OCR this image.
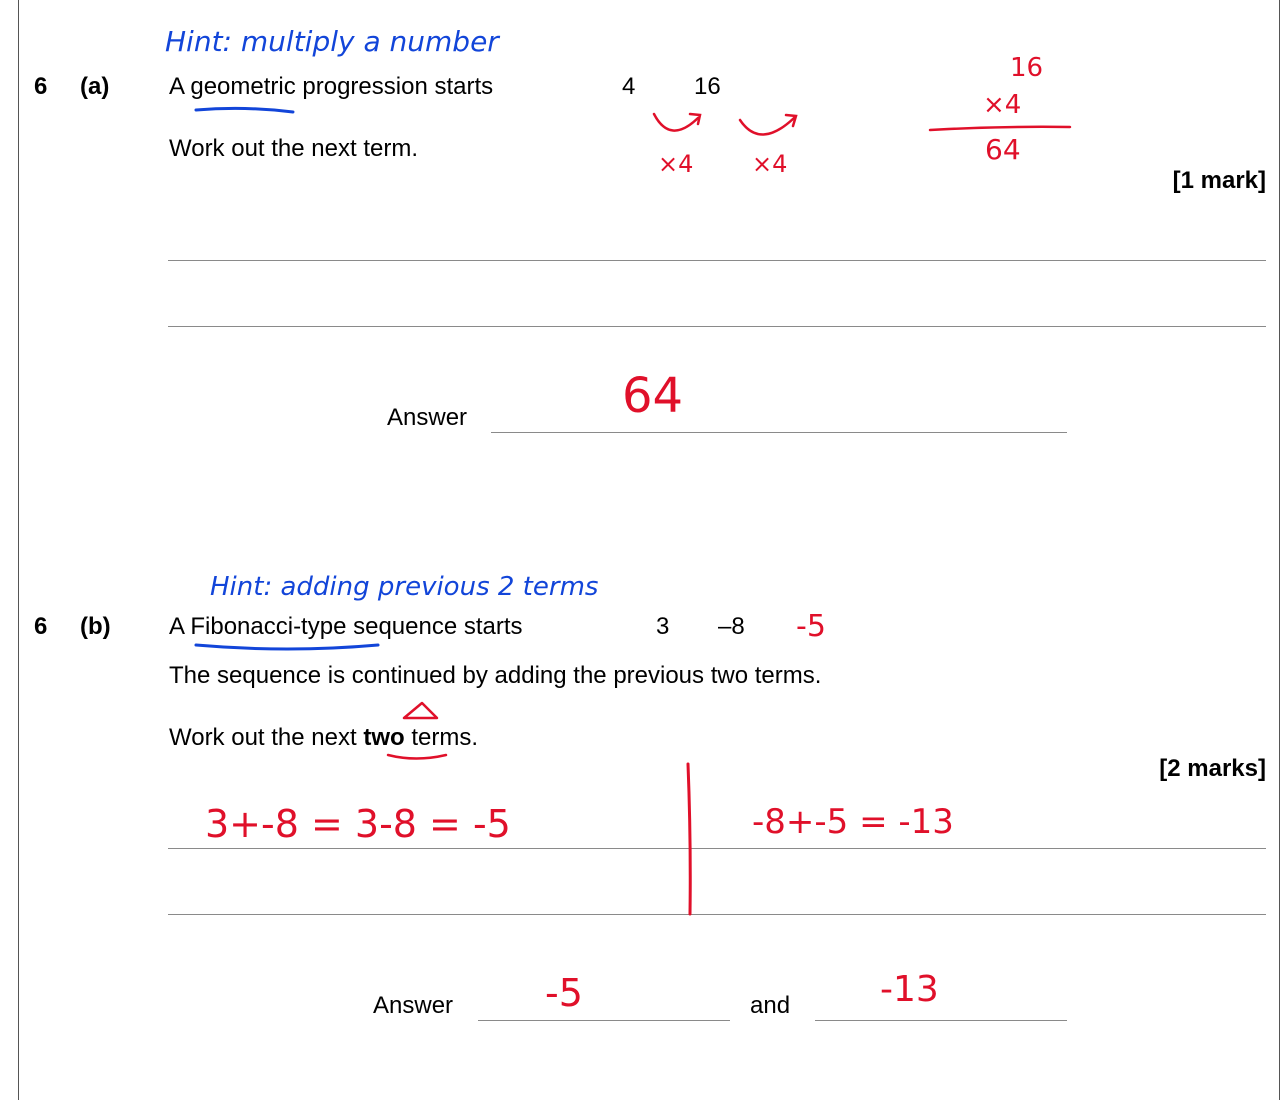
6 (a) A geometric progression starts	4 16
Work out the next term.
[1 mark]
Answer
Hint: multiply a number
×4 ×4
16
×4
64
64
6 (b) A Fibonacci-type sequence starts	3 –8
The sequence is continued by adding the previous two terms.
Work out the next two terms.
[2 marks]
Answer	and
Hint: adding previous 2 terms
-5
3+-8 = 3-8 = -5	-8+-5 = -13
-5	-13
